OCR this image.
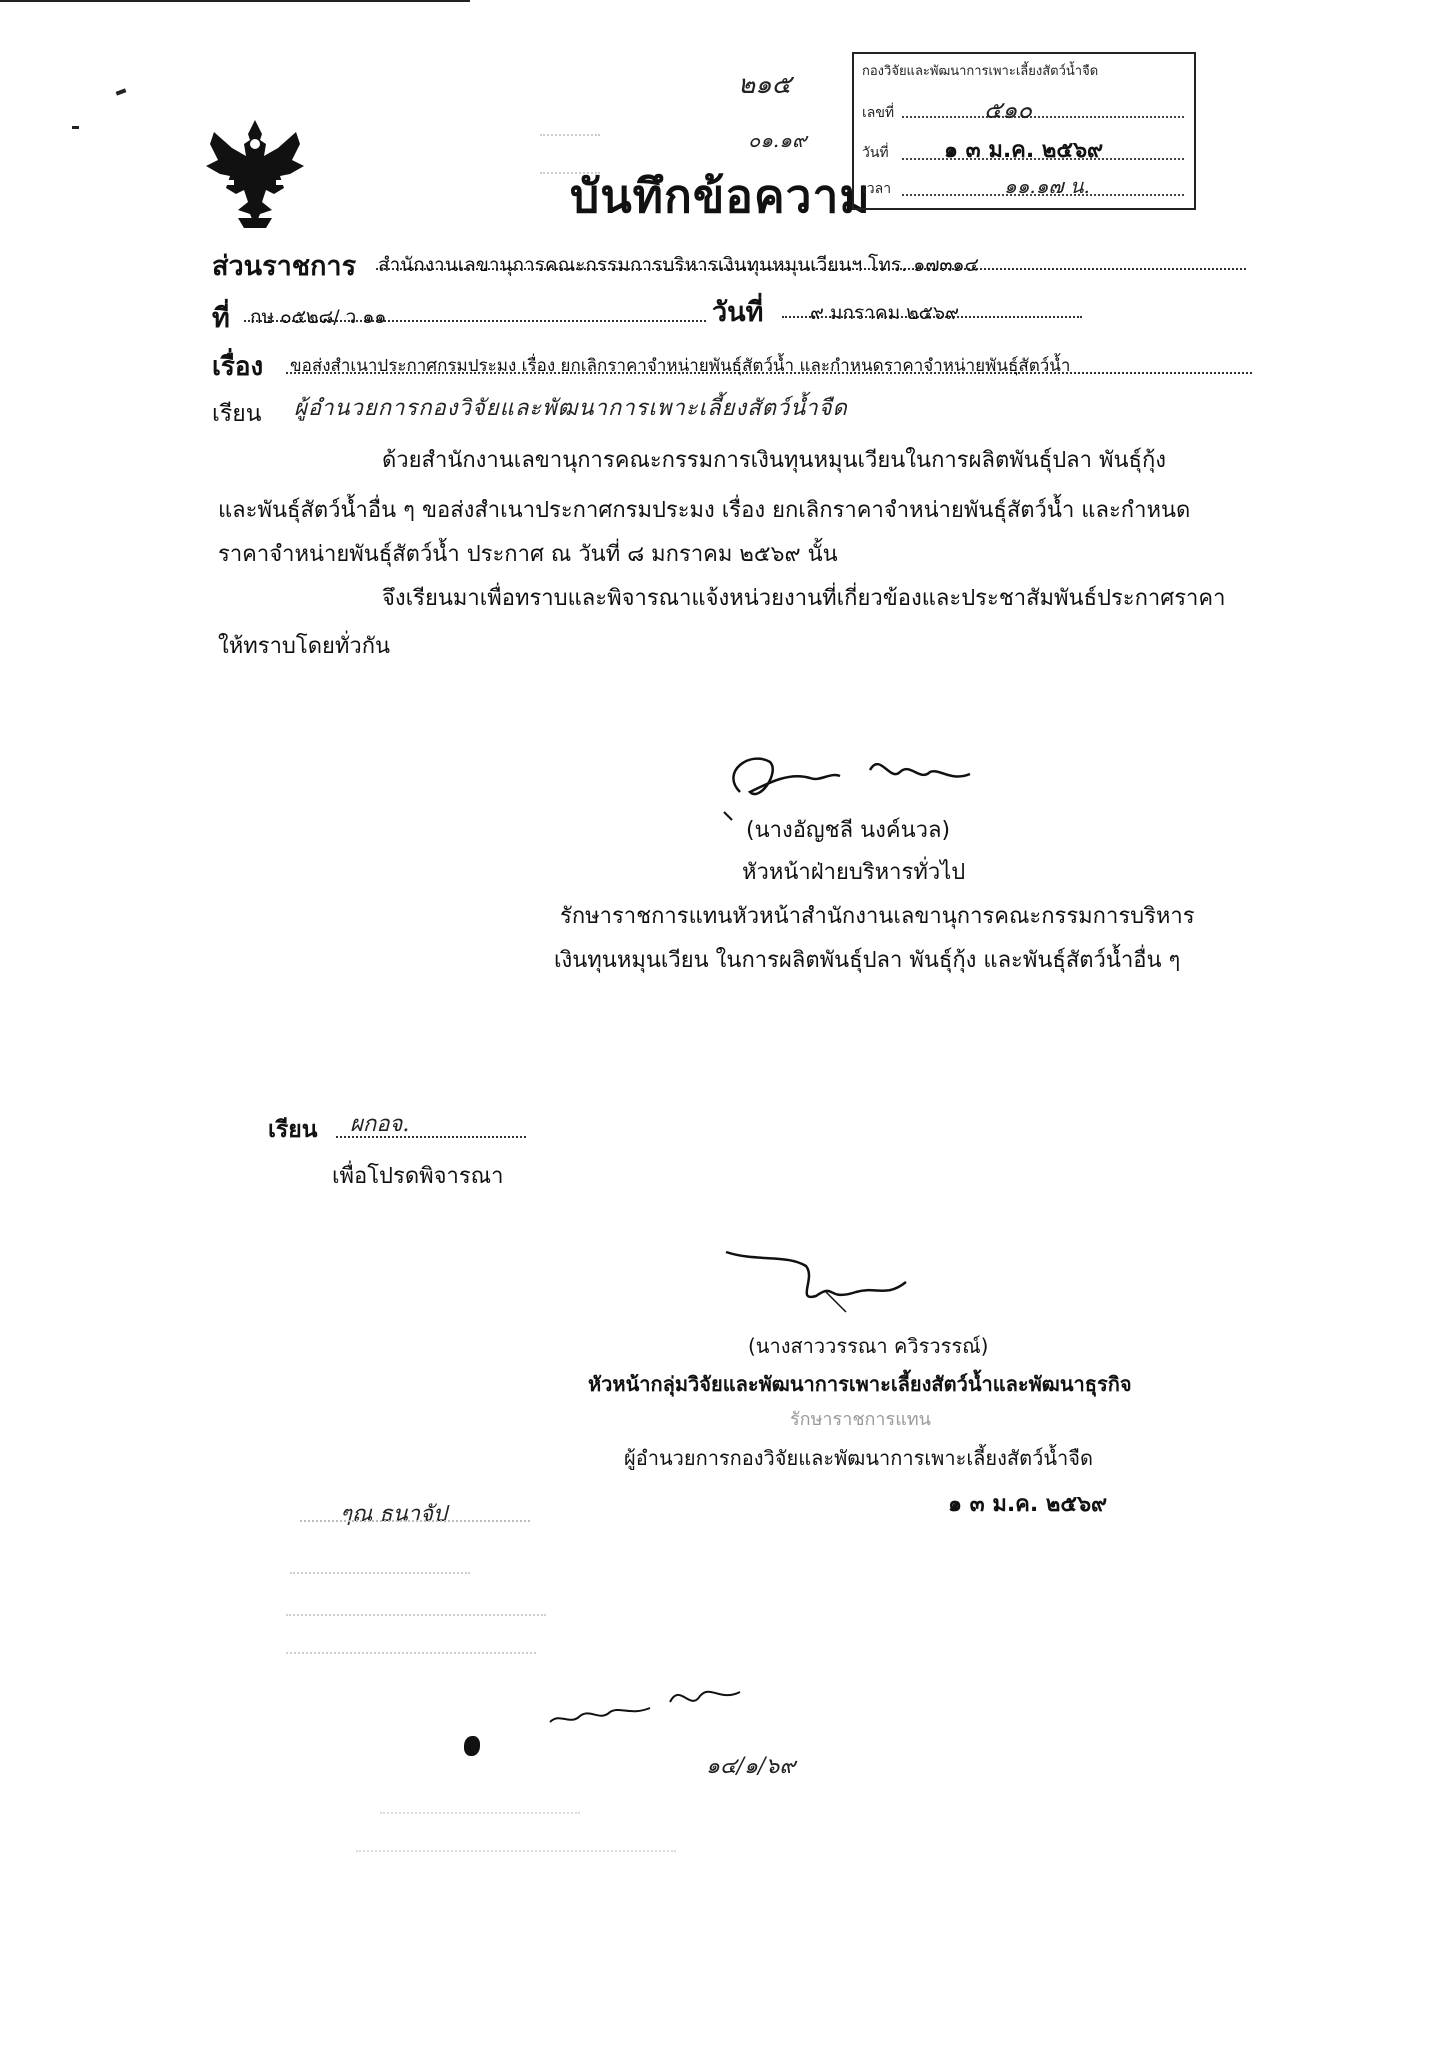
๒๑๕
๐๑.๑๙
บันทึกข้อความ
กองวิจัยและพัฒนาการเพาะเลี้ยงสัตว์น้ำจืด
เลขที่	๕๑๐
วันที่	๑ ๓ ม.ค. ๒๕๖๙
เวลา	๑๑.๑๗ น.
ส่วนราชการ สำนักงานเลขานุการคณะกรรมการบริหารเงินทุนหมุนเวียนฯ โทร. ๑๗๓๑๔
ที่ กษ ๐๕๒๘/ ว ๑๑	วันที่ ๙ มกราคม ๒๕๖๙
เรื่อง ขอส่งสำเนาประกาศกรมประมง เรื่อง ยกเลิกราคาจำหน่ายพันธุ์สัตว์น้ำ และกำหนดราคาจำหน่ายพันธุ์สัตว์น้ำ
เรียน ผู้อำนวยการกองวิจัยและพัฒนาการเพาะเลี้ยงสัตว์น้ำจืด
ด้วยสำนักงานเลขานุการคณะกรรมการเงินทุนหมุนเวียนในการผลิตพันธุ์ปลา พันธุ์กุ้ง
และพันธุ์สัตว์น้ำอื่น ๆ ขอส่งสำเนาประกาศกรมประมง เรื่อง ยกเลิกราคาจำหน่ายพันธุ์สัตว์น้ำ และกำหนด
ราคาจำหน่ายพันธุ์สัตว์น้ำ ประกาศ ณ วันที่ ๘ มกราคม ๒๕๖๙ นั้น
จึงเรียนมาเพื่อทราบและพิจารณาแจ้งหน่วยงานที่เกี่ยวข้องและประชาสัมพันธ์ประกาศราคา
ให้ทราบโดยทั่วกัน
(นางอัญชลี นงค์นวล)
หัวหน้าฝ่ายบริหารทั่วไป
รักษาราชการแทนหัวหน้าสำนักงานเลขานุการคณะกรรมการบริหาร
เงินทุนหมุนเวียน ในการผลิตพันธุ์ปลา พันธุ์กุ้ง และพันธุ์สัตว์น้ำอื่น ๆ
เรียน ผกอจ.
เพื่อโปรดพิจารณา
(นางสาววรรณา ควิรวรรณ์)
หัวหน้ากลุ่มวิจัยและพัฒนาการเพาะเลี้ยงสัตว์น้ำและพัฒนาธุรกิจ
รักษาราชการแทน
ผู้อำนวยการกองวิจัยและพัฒนาการเพาะเลี้ยงสัตว์น้ำจืด
๑ ๓ ม.ค. ๒๕๖๙
ๆณ ธนาจัป
๑๔/๑/๖๙
